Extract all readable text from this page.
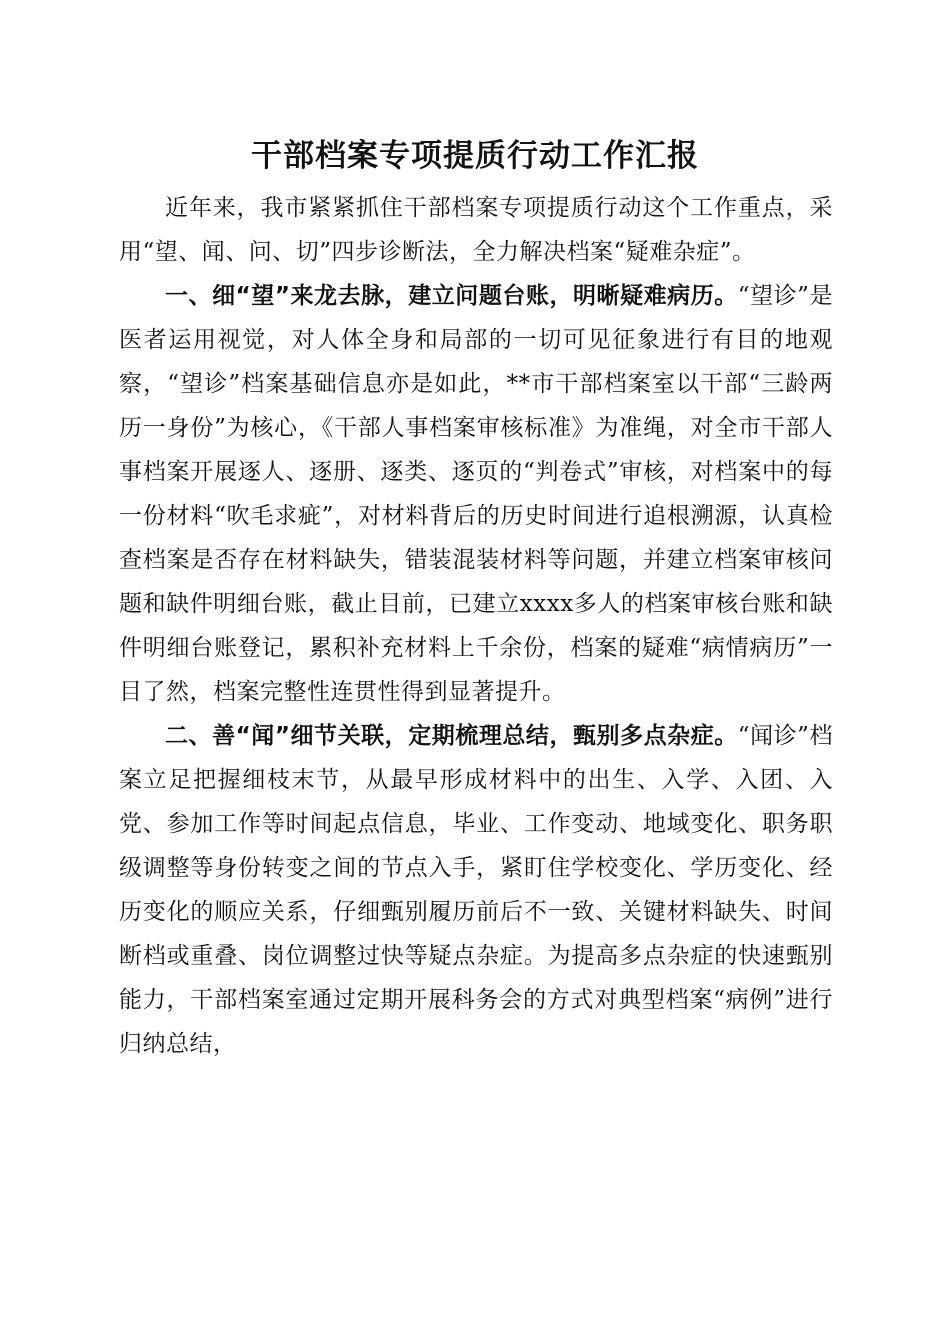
干部档案专项提质行动工作汇报

近年来，我市紧紧抓住干部档案专项提质行动这个工作重点，采用“望、闻、问、切”四步诊断法，全力解决档案“疑难杂症”。

一、细“望”来龙去脉，建立问题台账，明晰疑难病历。“望诊”是医者运用视觉，对人体全身和局部的一切可见征象进行有目的地观察，“望诊”档案基础信息亦是如此，**市干部档案室以干部“三龄两历一身份”为核心，《干部人事档案审核标准》为准绳，对全市干部人事档案开展逐人、逐册、逐类、逐页的“判卷式”审核，对档案中的每一份材料“吹毛求疵”，对材料背后的历史时间进行追根溯源，认真检查档案是否存在材料缺失，错装混装材料等问题，并建立档案审核问题和缺件明细台账，截止目前，已建立xxxx多人的档案审核台账和缺件明细台账登记，累积补充材料上千余份，档案的疑难“病情病历”一目了然，档案完整性连贯性得到显著提升。

二、善“闻”细节关联，定期梳理总结，甄别多点杂症。“闻诊”档案立足把握细枝末节，从最早形成材料中的出生、入学、入团、入党、参加工作等时间起点信息，毕业、工作变动、地域变化、职务职级调整等身份转变之间的节点入手，紧盯住学校变化、学历变化、经历变化的顺应关系，仔细甄别履历前后不一致、关键材料缺失、时间断档或重叠、岗位调整过快等疑点杂症。为提高多点杂症的快速甄别能力，干部档案室通过定期开展科务会的方式对典型档案“病例”进行归纳总结，
